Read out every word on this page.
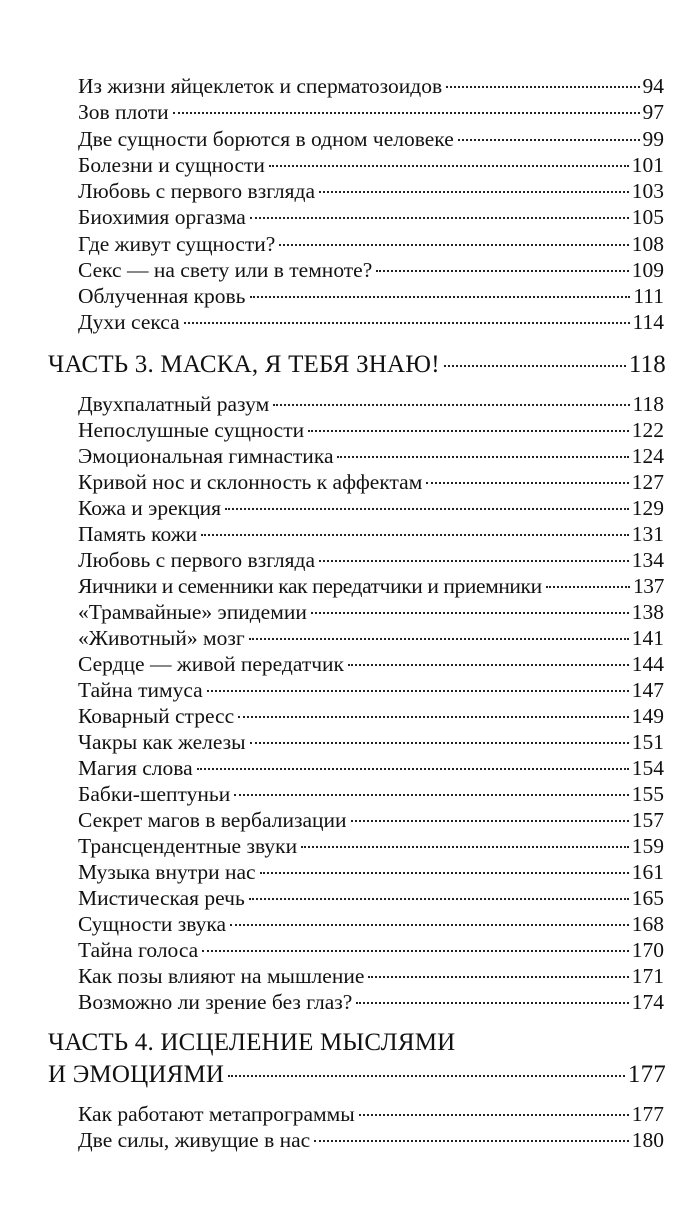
Из жизни яйцеклеток и сперматозоидов	94
Зов плоти	97
Две сущности борются в одном человеке	99
Болезни и сущности	101
Любовь с первого взгляда	103
Биохимия оргазма	105
Где живут сущности?	108
Секс — на свету или в темноте?	109
Облученная кровь	111
Духи секса	114
ЧАСТЬ 3. МАСКА, Я ТЕБЯ ЗНАЮ!	118
Двухпалатный разум	118
Непослушные сущности	122
Эмоциональная гимнастика	124
Кривой нос и склонность к аффектам	127
Кожа и эрекция	129
Память кожи	131
Любовь с первого взгляда	134
Яичники и семенники как передатчики и приемники	137
«Трамвайные» эпидемии	138
«Животный» мозг	141
Сердце — живой передатчик	144
Тайна тимуса	147
Коварный стресс	149
Чакры как железы	151
Магия слова	154
Бабки-шептуньи	155
Секрет магов в вербализации	157
Трансцендентные звуки	159
Музыка внутри нас	161
Мистическая речь	165
Сущности звука	168
Тайна голоса	170
Как позы влияют на мышление	171
Возможно ли зрение без глаз?	174
ЧАСТЬ 4. ИСЦЕЛЕНИЕ МЫСЛЯМИ
И ЭМОЦИЯМИ	177
Как работают метапрограммы	177
Две силы, живущие в нас	180
